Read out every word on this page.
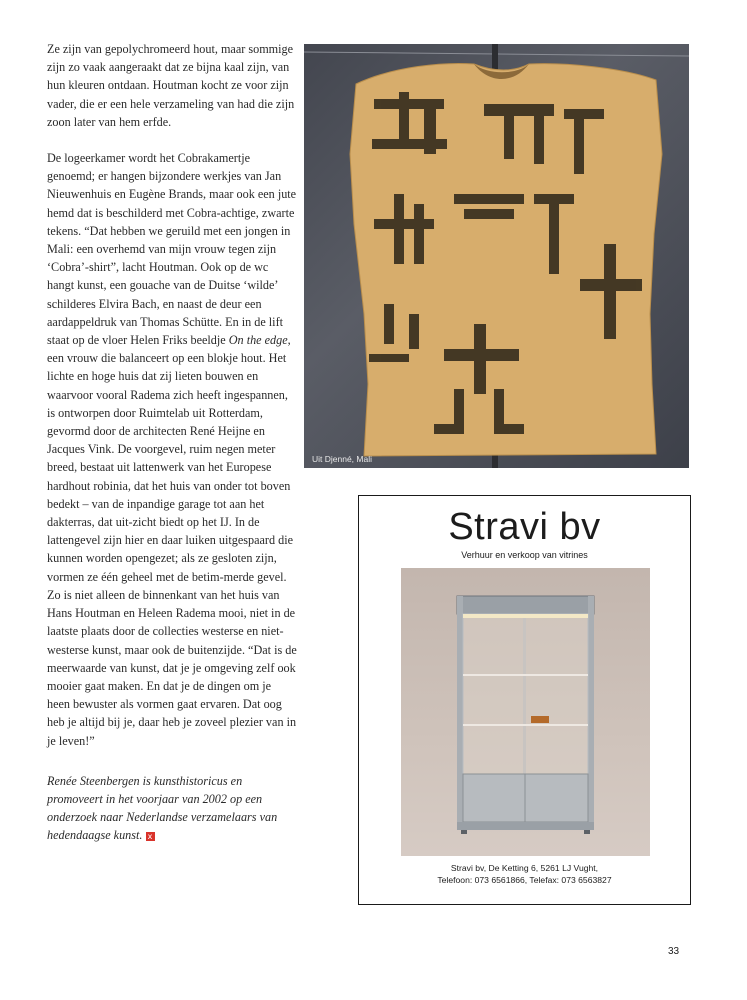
Ze zijn van gepolychromeerd hout, maar sommige zijn zo vaak aangeraakt dat ze bijna kaal zijn, van hun kleuren ontdaan. Houtman kocht ze voor zijn vader, die er een hele verzameling van had die zijn zoon later van hem erfde.

De logeerkamer wordt het Cobrakamertje genoemd; er hangen bijzondere werkjes van Jan Nieuwenhuis en Eugène Brands, maar ook een jute hemd dat is beschilderd met Cobra-achtige, zwarte tekens. “Dat hebben we geruild met een jongen in Mali: een overhemd van mijn vrouw tegen zijn ‘Cobra’-shirt”, lacht Houtman. Ook op de wc hangt kunst, een gouache van de Duitse ‘wilde’ schilderes Elvira Bach, en naast de deur een aardappeldruk van Thomas Schütte. En in de lift staat op de vloer Helen Friks beeldje On the edge, een vrouw die balanceert op een blokje hout. Het lichte en hoge huis dat zij lieten bouwen en waarvoor vooral Radema zich heeft ingespannen, is ontworpen door Ruimtelab uit Rotterdam, gevormd door de architecten René Heijne en Jacques Vink. De voorgevel, ruim negen meter breed, bestaat uit lattenwerk van het Europese hardhout robinia, dat het huis van onder tot boven bedekt – van de inpandige garage tot aan het dakterras, dat uit-zicht biedt op het IJ. In de lattengevel zijn hier en daar luiken uitgespaard die kunnen worden opengezet; als ze gesloten zijn, vormen ze één geheel met de betim-merde gevel.

Zo is niet alleen de binnenkant van het huis van Hans Houtman en Heleen Radema mooi, niet in de laatste plaats door de collecties westerse en niet-westerse kunst, maar ook de buitenzijde. “Dat is de meerwaarde van kunst, dat je je omgeving zelf ook mooier gaat maken. En dat je de dingen om je heen bewuster als vormen gaat ervaren. Dat oog heb je altijd bij je, daar heb je zoveel plezier van in je leven!”

Renée Steenbergen is kunsthistoricus en promoveert in het voorjaar van 2002 op een onderzoek naar Nederlandse verzamelaars van hedendaagse kunst. x

Uit Djenné, Mali
Stravi bv
Verhuur en verkoop van vitrines
Stravi bv, De Ketting 6, 5261 LJ Vught,
Telefoon: 073 6561866, Telefax: 073 6563827
33
